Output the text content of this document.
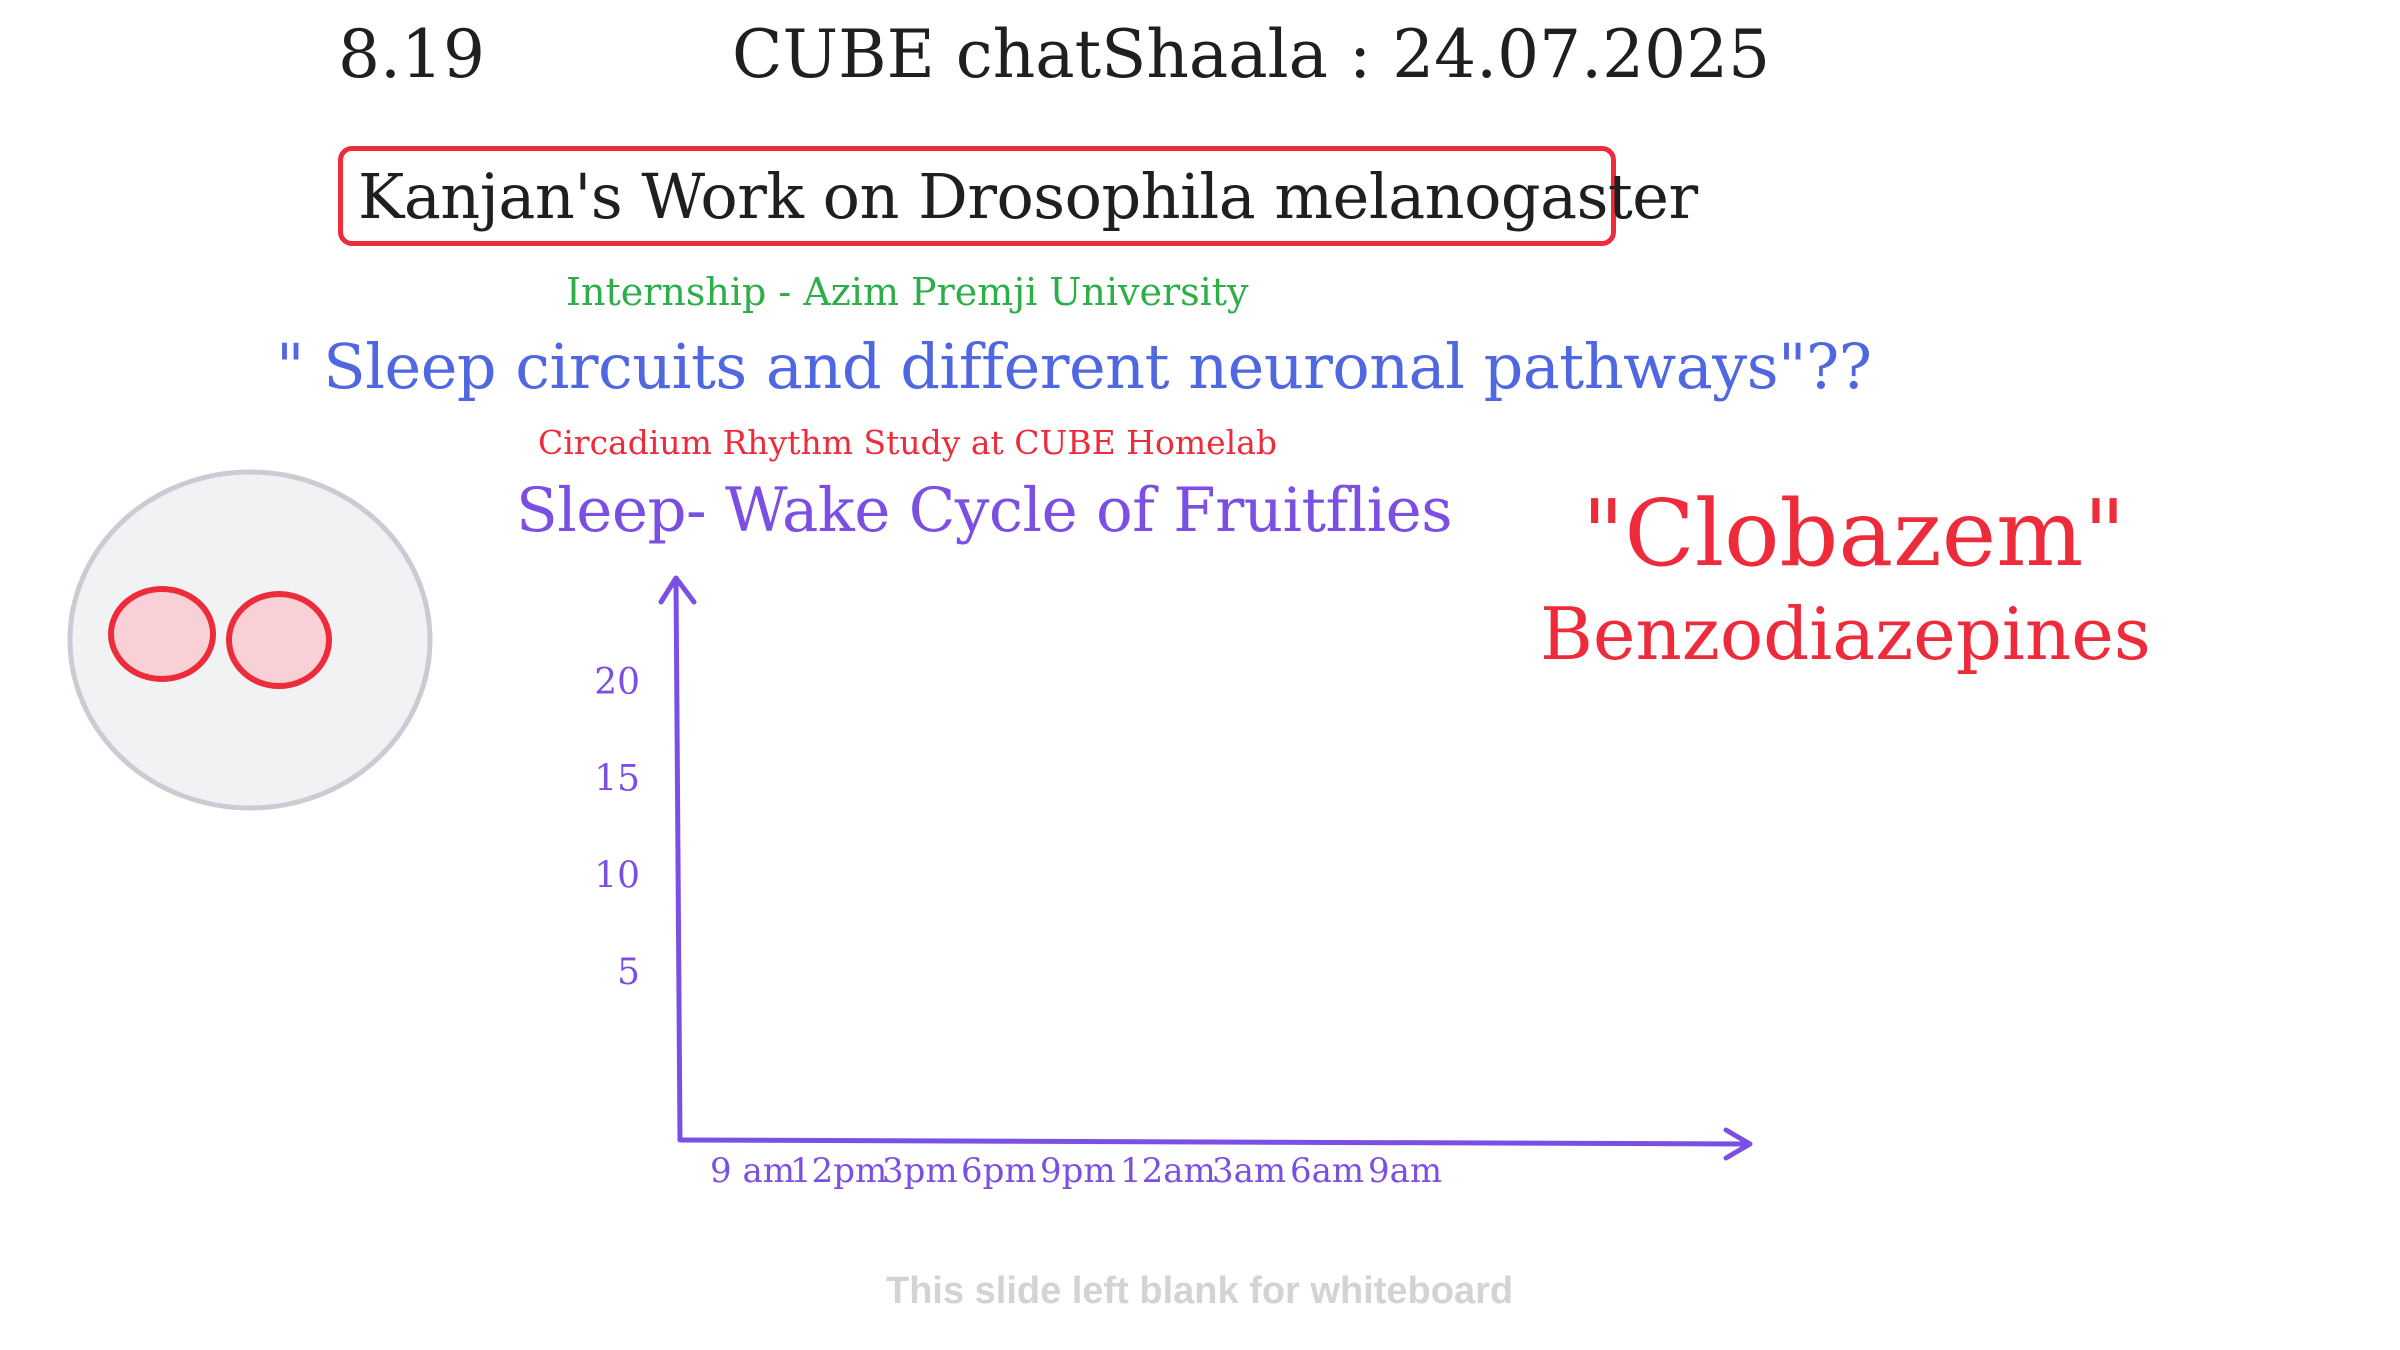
8.19	CUBE chatShaala : 24.07.2025
Kanjan's Work on Drosophila melanogaster
Internship - Azim Premji University
" Sleep circuits and different neuronal pathways"??
Circadium Rhythm Study at CUBE Homelab
Sleep- Wake Cycle of Fruitflies "Clobazem"
Benzodiazepines
20
15
10
5
9 am
12pm
3pm 6pm 9pm 12am
3am 6am 9am
This slide left blank for whiteboard
